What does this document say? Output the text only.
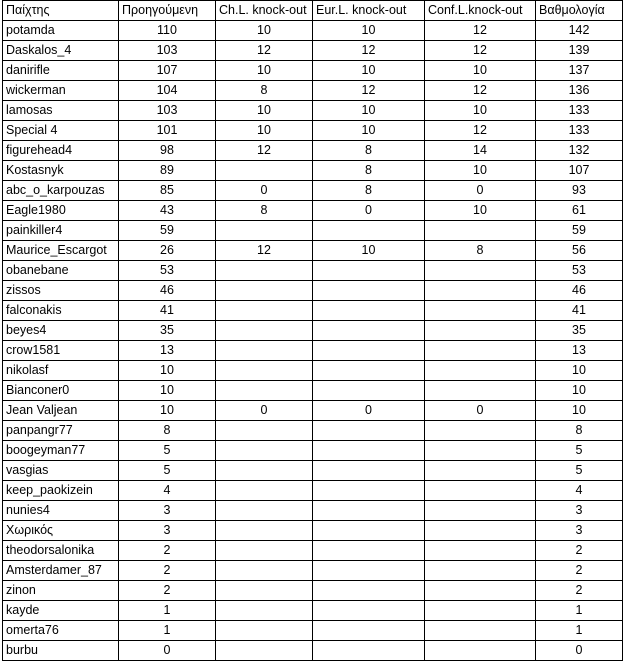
Παίχτης	Προηγούμενη	Ch.L. knock-out	Eur.L. knock-out	Conf.L.knock-out	Βαθμολογία
potamda	110	10	10	12	142
Daskalos_4	103	12	12	12	139
danirifle	107	10	10	10	137
wickerman	104	8	12	12	136
lamosas	103	10	10	10	133
Special 4	101	10	10	12	133
figurehead4	98	12	8	14	132
Kostasnyk	89		8	10	107
abc_o_karpouzas	85	0	8	0	93
Eagle1980	43	8	0	10	61
painkiller4	59				59
Maurice_Escargot	26	12	10	8	56
obanebane	53				53
zissos	46				46
falconakis	41				41
beyes4	35				35
crow1581	13				13
nikolasf	10				10
Bianconer0	10				10
Jean Valjean	10	0	0	0	10
panpangr77	8				8
boogeyman77	5				5
vasgias	5				5
keep_paokizein	4				4
nunies4	3				3
Χωρικός	3				3
theodorsalonika	2				2
Amsterdamer_87	2				2
zinon	2				2
kayde	1				1
omerta76	1				1
burbu	0				0
